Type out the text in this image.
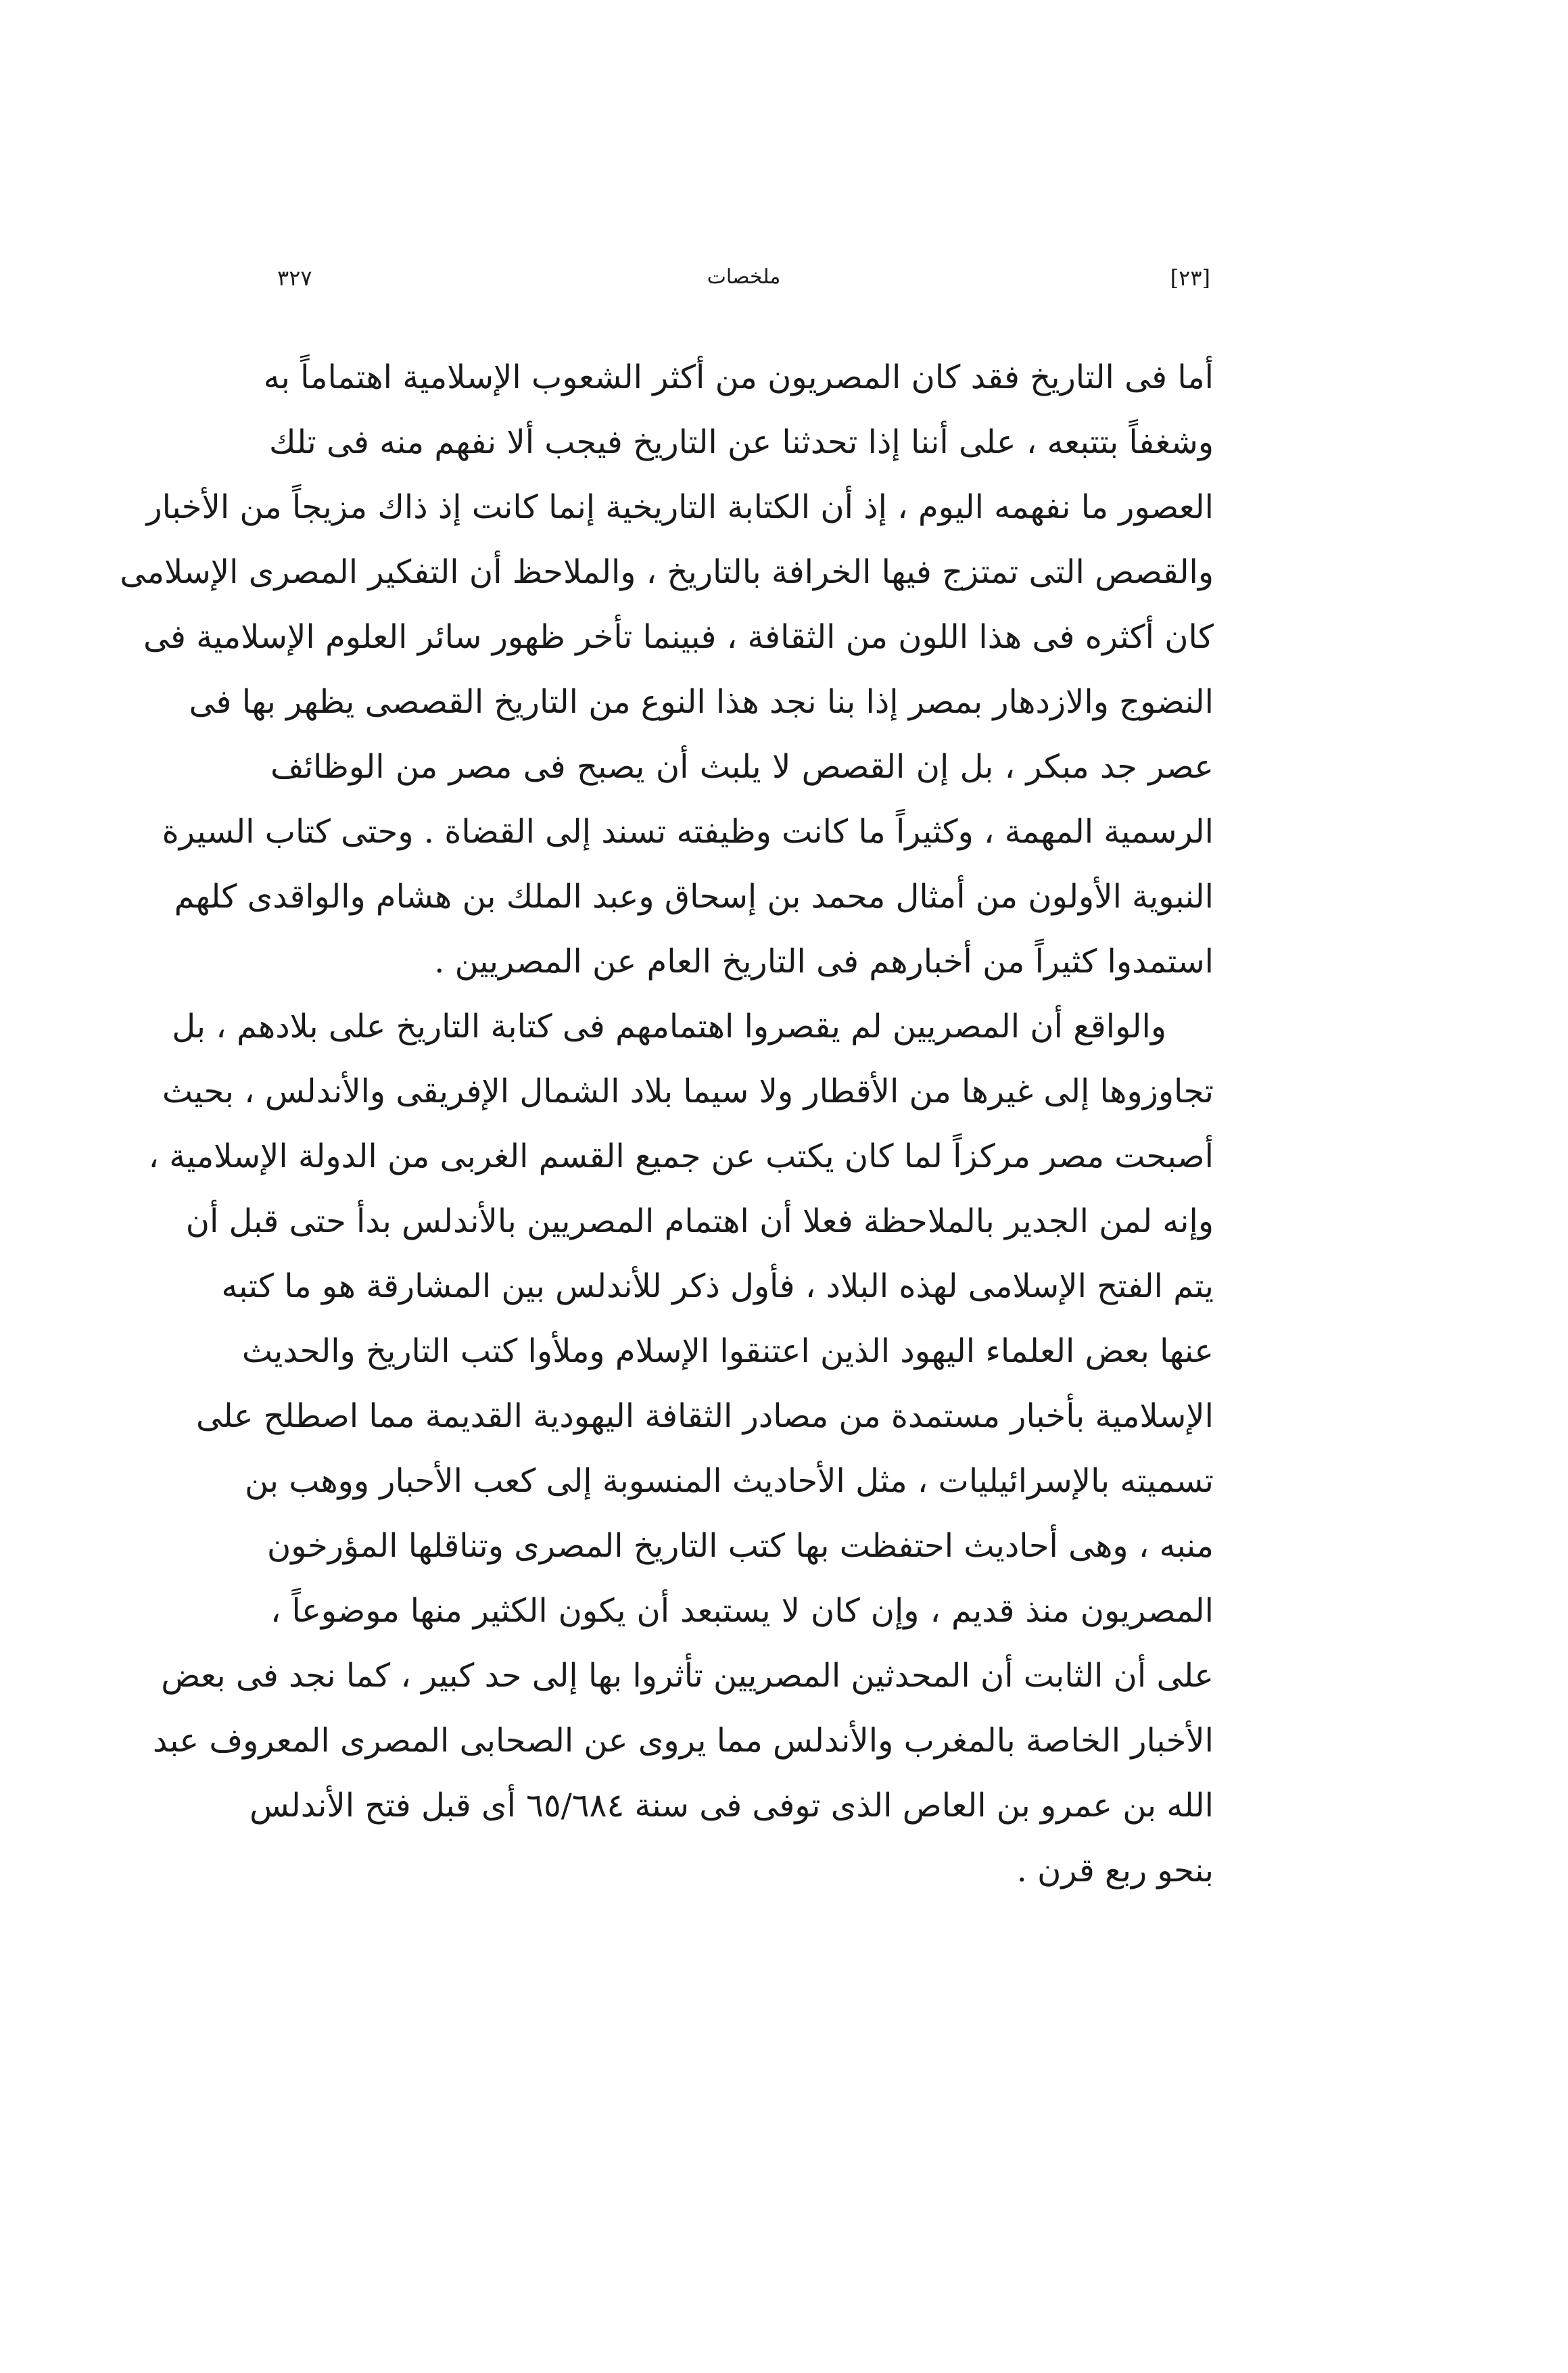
[٢٣]
ملخصات
٣٢٧
أما فى التاريخ فقد كان المصريون من أكثر الشعوب الإسلامية اهتماماً به
وشغفاً بتتبعه ، على أننا إذا تحدثنا عن التاريخ فيجب ألا نفهم منه فى تلك
العصور ما نفهمه اليوم ، إذ أن الكتابة التاريخية إنما كانت إذ ذاك مزيجاً من الأخبار
والقصص التى تمتزج فيها الخرافة بالتاريخ ، والملاحظ أن التفكير المصرى الإسلامى
كان أكثره فى هذا اللون من الثقافة ، فبينما تأخر ظهور سائر العلوم الإسلامية فى
النضوج والازدهار بمصر إذا بنا نجد هذا النوع من التاريخ القصصى يظهر بها فى
عصر جد مبكر ، بل إن القصص لا يلبث أن يصبح فى مصر من الوظائف
الرسمية المهمة ، وكثيراً ما كانت وظيفته تسند إلى القضاة . وحتى كتاب السيرة
النبوية الأولون من أمثال محمد بن إسحاق وعبد الملك بن هشام والواقدى كلهم
استمدوا كثيراً من أخبارهم فى التاريخ العام عن المصريين .
والواقع أن المصريين لم يقصروا اهتمامهم فى كتابة التاريخ على بلادهم ، بل
تجاوزوها إلى غيرها من الأقطار ولا سيما بلاد الشمال الإفريقى والأندلس ، بحيث
أصبحت مصر مركزاً لما كان يكتب عن جميع القسم الغربى من الدولة الإسلامية ،
وإنه لمن الجدير بالملاحظة فعلا أن اهتمام المصريين بالأندلس بدأ حتى قبل أن
يتم الفتح الإسلامى لهذه البلاد ، فأول ذكر للأندلس بين المشارقة هو ما كتبه
عنها بعض العلماء اليهود الذين اعتنقوا الإسلام وملأوا كتب التاريخ والحديث
الإسلامية بأخبار مستمدة من مصادر الثقافة اليهودية القديمة مما اصطلح على
تسميته بالإسرائيليات ، مثل الأحاديث المنسوبة إلى كعب الأحبار ووهب بن
منبه ، وهى أحاديث احتفظت بها كتب التاريخ المصرى وتناقلها المؤرخون
المصريون منذ قديم ، وإن كان لا يستبعد أن يكون الكثير منها موضوعاً ،
على أن الثابت أن المحدثين المصريين تأثروا بها إلى حد كبير ، كما نجد فى بعض
الأخبار الخاصة بالمغرب والأندلس مما يروى عن الصحابى المصرى المعروف عبد
الله بن عمرو بن العاص الذى توفى فى سنة ٦٥/٦٨٤ أى قبل فتح الأندلس
بنحو ربع قرن .
